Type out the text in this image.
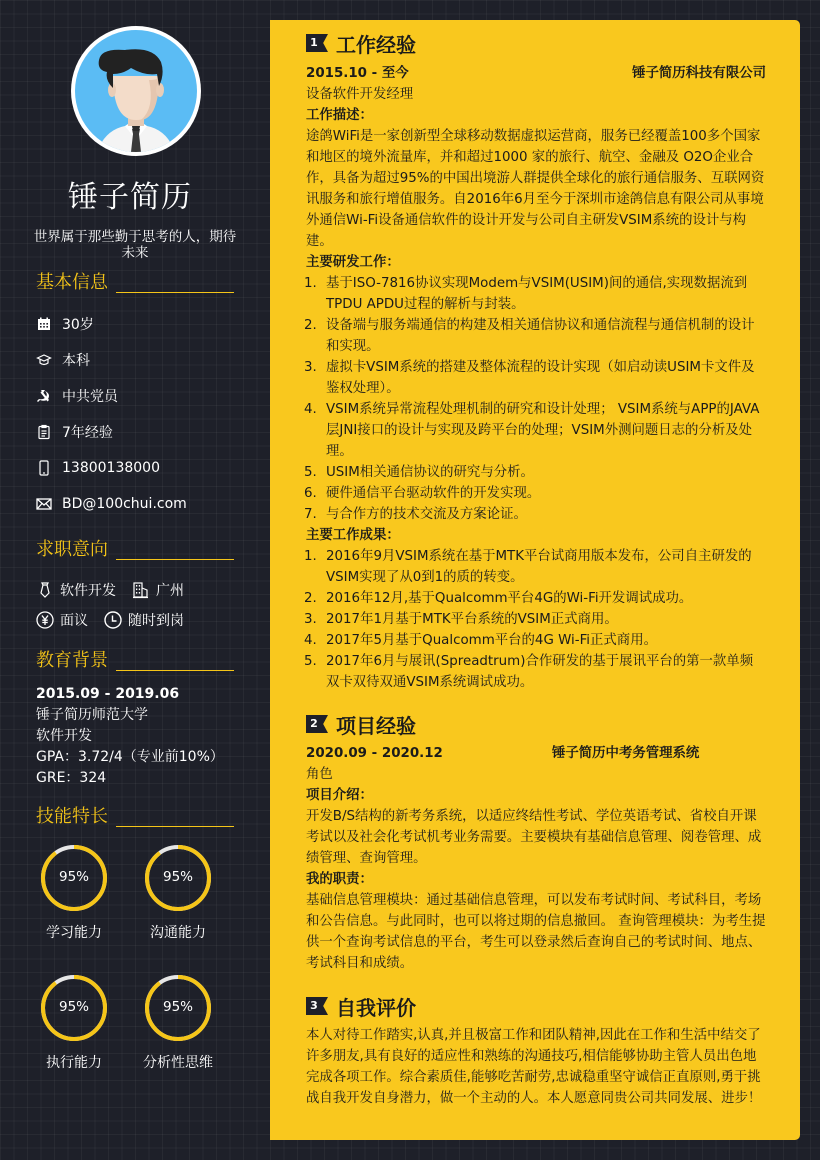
锤子简历
世界属于那些勤于思考的人，期待未来
基本信息
30岁
本科
中共党员
7年经验
13800138000
BD@100chui.com
求职意向
软件开发	广州
面议	随时到岗
教育背景
2015.09 - 2019.06
锤子简历师范大学
软件开发
GPA：3.72/4（专业前10%）
GRE：324
技能特长
95%
学习能力
95%
沟通能力
95%
执行能力
95%
分析性思维
1 工作经验
2015.10 - 至今	锤子简历科技有限公司
设备软件开发经理
工作描述：
途鸽WiFi是一家创新型全球移动数据虚拟运营商，服务已经覆盖100多个国家和地区的境外流量库，并和超过1000 家的旅行、航空、金融及 O2O企业合作，具备为超过95%的中国出境游人群提供全球化的旅行通信服务、互联网资讯服务和旅行增值服务。自2016年6月至今于深圳市途鸽信息有限公司从事境外通信Wi-Fi设备通信软件的设计开发与公司自主研发VSIM系统的设计与构建。
主要研发工作：
1. 基于ISO-7816协议实现Modem与VSIM(USIM)间的通信,实现数据流到TPDU APDU过程的解析与封装。
2. 设备端与服务端通信的构建及相关通信协议和通信流程与通信机制的设计和实现。
3. 虚拟卡VSIM系统的搭建及整体流程的设计实现（如启动读USIM卡文件及鉴权处理）。
4. VSIM系统异常流程处理机制的研究和设计处理； VSIM系统与APP的JAVA层JNI接口的设计与实现及跨平台的处理；VSIM外测问题日志的分析及处理。
5. USIM相关通信协议的研究与分析。
6. 硬件通信平台驱动软件的开发实现。
7. 与合作方的技术交流及方案论证。
主要工作成果：
1. 2016年9月VSIM系统在基于MTK平台试商用版本发布，公司自主研发的VSIM实现了从0到1的质的转变。
2. 2016年12月,基于Qualcomm平台4G的Wi-Fi开发调试成功。
3. 2017年1月基于MTK平台系统的VSIM正式商用。
4. 2017年5月基于Qualcomm平台的4G Wi-Fi正式商用。
5. 2017年6月与展讯(Spreadtrum)合作研发的基于展讯平台的第一款单频双卡双待双通VSIM系统调试成功。
2 项目经验
2020.09 - 2020.12	锤子简历中考务管理系统
角色
项目介绍：
开发B/S结构的新考务系统，以适应终结性考试、学位英语考试、省校自开课考试以及社会化考试机考业务需要。主要模块有基础信息管理、阅卷管理、成绩管理、查询管理。
我的职责：
基础信息管理模块：通过基础信息管理，可以发布考试时间、考试科目，考场和公告信息。与此同时，也可以将过期的信息撤回。 查询管理模块：为考生提供一个查询考试信息的平台，考生可以登录然后查询自己的考试时间、地点、考试科目和成绩。
3 自我评价
本人对待工作踏实,认真,并且极富工作和团队精神,因此在工作和生活中结交了许多朋友,具有良好的适应性和熟练的沟通技巧,相信能够协助主管人员出色地完成各项工作。综合素质佳,能够吃苦耐劳,忠诚稳重坚守诚信正直原则,勇于挑战自我开发自身潜力，做一个主动的人。本人愿意同贵公司共同发展、进步！
